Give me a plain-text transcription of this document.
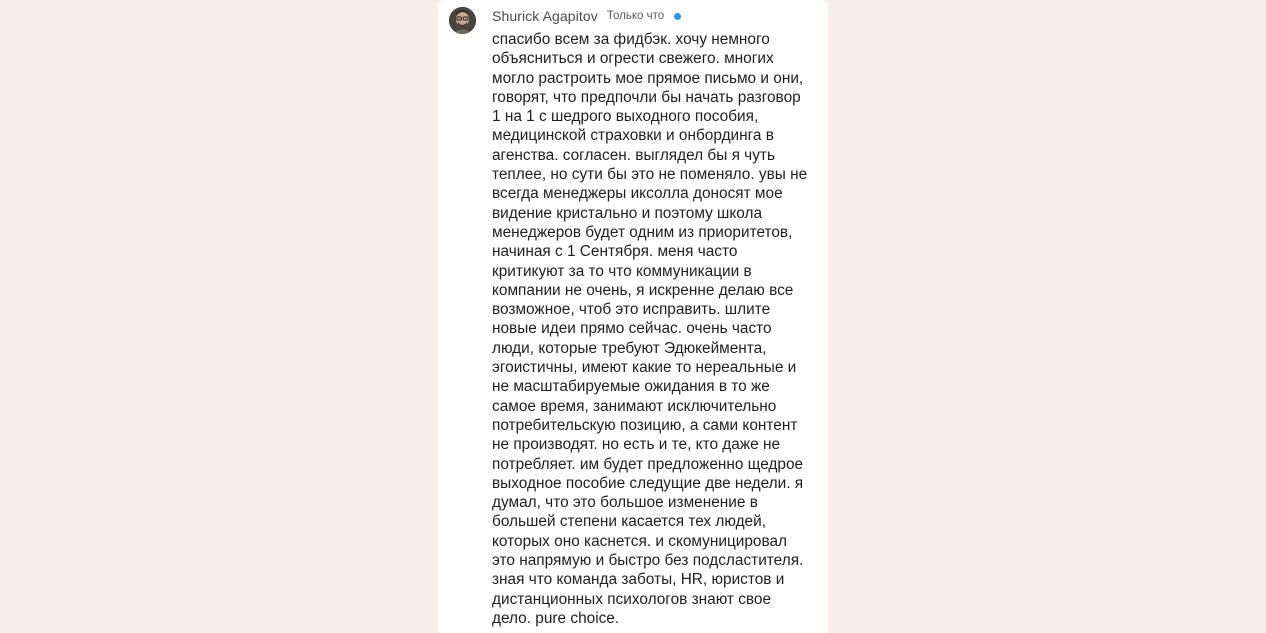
Shurick Agapitov Только что
спасибо всем за фидбэк. хочу немного
объясниться и огрести свежего. многих
могло растроить мое прямое письмо и они,
говорят, что предпочли бы начать разговор
1 на 1 с шедрого выходного пособия,
медицинской страховки и онбординга в
агенства. согласен. выглядел бы я чуть
теплее, но сути бы это не поменяло. увы не
всегда менеджеры иксолла доносят мое
видение кристально и поэтому школа
менеджеров будет одним из приоритетов,
начиная с 1 Сентября. меня часто
критикуют за то что коммуникации в
компании не очень, я искренне делаю все
возможное, чтоб это исправить. шлите
новые идеи прямо сейчас. очень часто
люди, которые требуют Эдюкеймента,
эгоистичны, имеют какие то нереальные и
не масштабируемые ожидания в то же
самое время, занимают исключительно
потребительскую позицию, а сами контент
не производят. но есть и те, кто даже не
потребляет. им будет предложенно щедрое
выходное пособие следущие две недели. я
думал, что это большое изменение в
большей степени касается тех людей,
которых оно каснется. и скомуницировал
это напрямую и быстро без подсластителя.
зная что команда заботы, HR, юристов и
дистанционных психологов знают свое
дело. pure choice.
